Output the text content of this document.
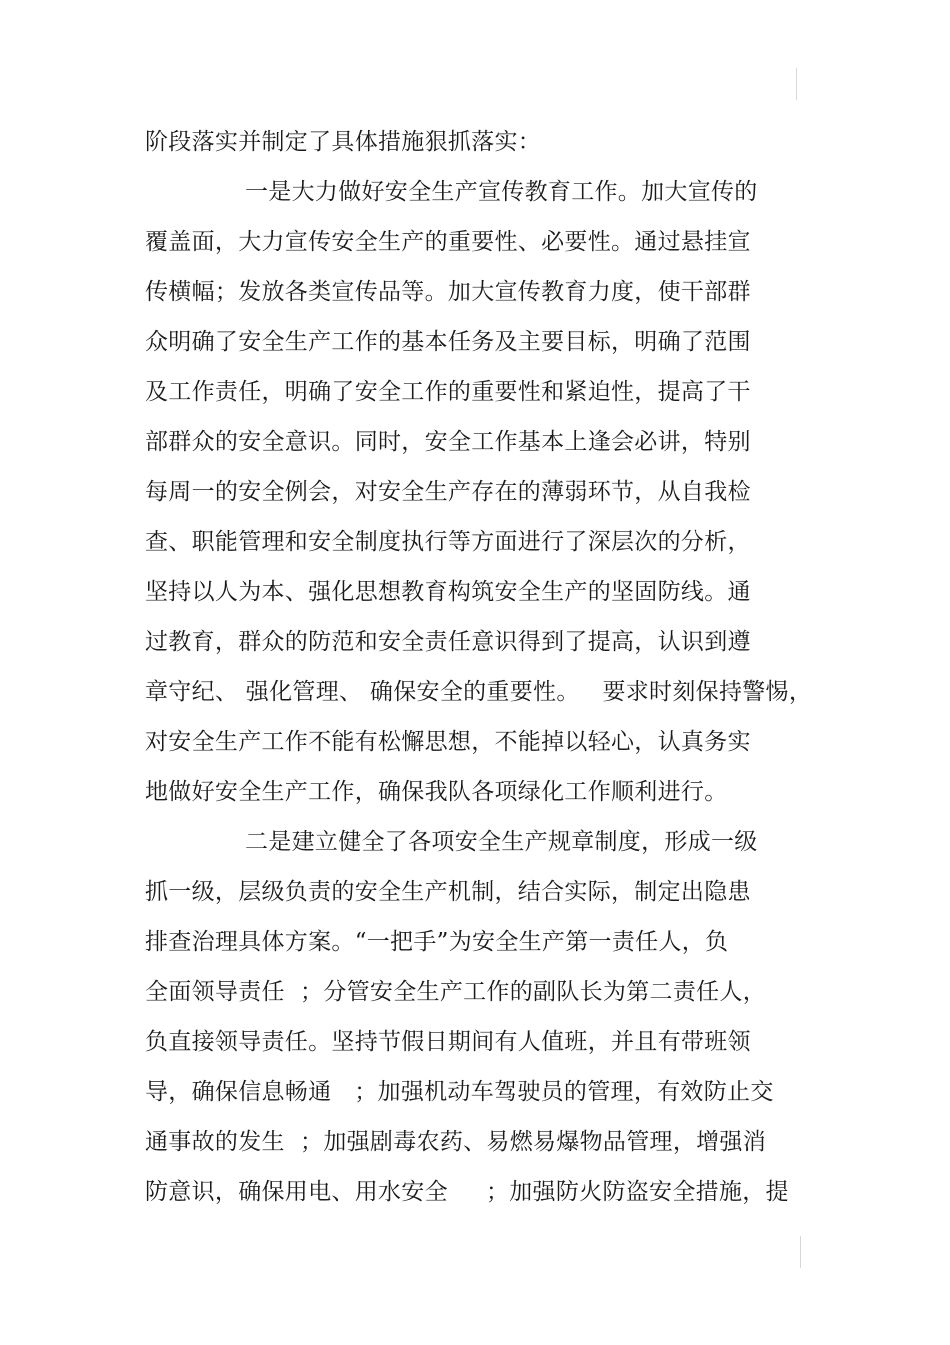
阶段落实并制定了具体措施狠抓落实：
一是大力做好安全生产宣传教育工作。加大宣传的
覆盖面，大力宣传安全生产的重要性、必要性。通过悬挂宣
传横幅；发放各类宣传品等。加大宣传教育力度，使干部群
众明确了安全生产工作的基本任务及主要目标，明确了范围
及工作责任，明确了安全工作的重要性和紧迫性，提高了干
部群众的安全意识。同时，安全工作基本上逢会必讲，特别
每周一的安全例会，对安全生产存在的薄弱环节，从自我检
查、职能管理和安全制度执行等方面进行了深层次的分析，
坚持以人为本、强化思想教育构筑安全生产的坚固防线。通
过教育，群众的防范和安全责任意识得到了提高，认识到遵
章守纪、 强化管理、 确保安全的重要性。   要求时刻保持警惕，
对安全生产工作不能有松懈思想，不能掉以轻心，认真务实
地做好安全生产工作，确保我队各项绿化工作顺利进行。
二是建立健全了各项安全生产规章制度，形成一级
抓一级，层级负责的安全生产机制，结合实际，制定出隐患
排查治理具体方案。“一把手”为安全生产第一责任人，负
全面领导责任  ；分管安全生产工作的副队长为第二责任人，
负直接领导责任。坚持节假日期间有人值班，并且有带班领
导，确保信息畅通   ；加强机动车驾驶员的管理，有效防止交
通事故的发生  ；加强剧毒农药、易燃易爆物品管理，增强消
防意识，确保用电、用水安全     ；加强防火防盗安全措施，提
